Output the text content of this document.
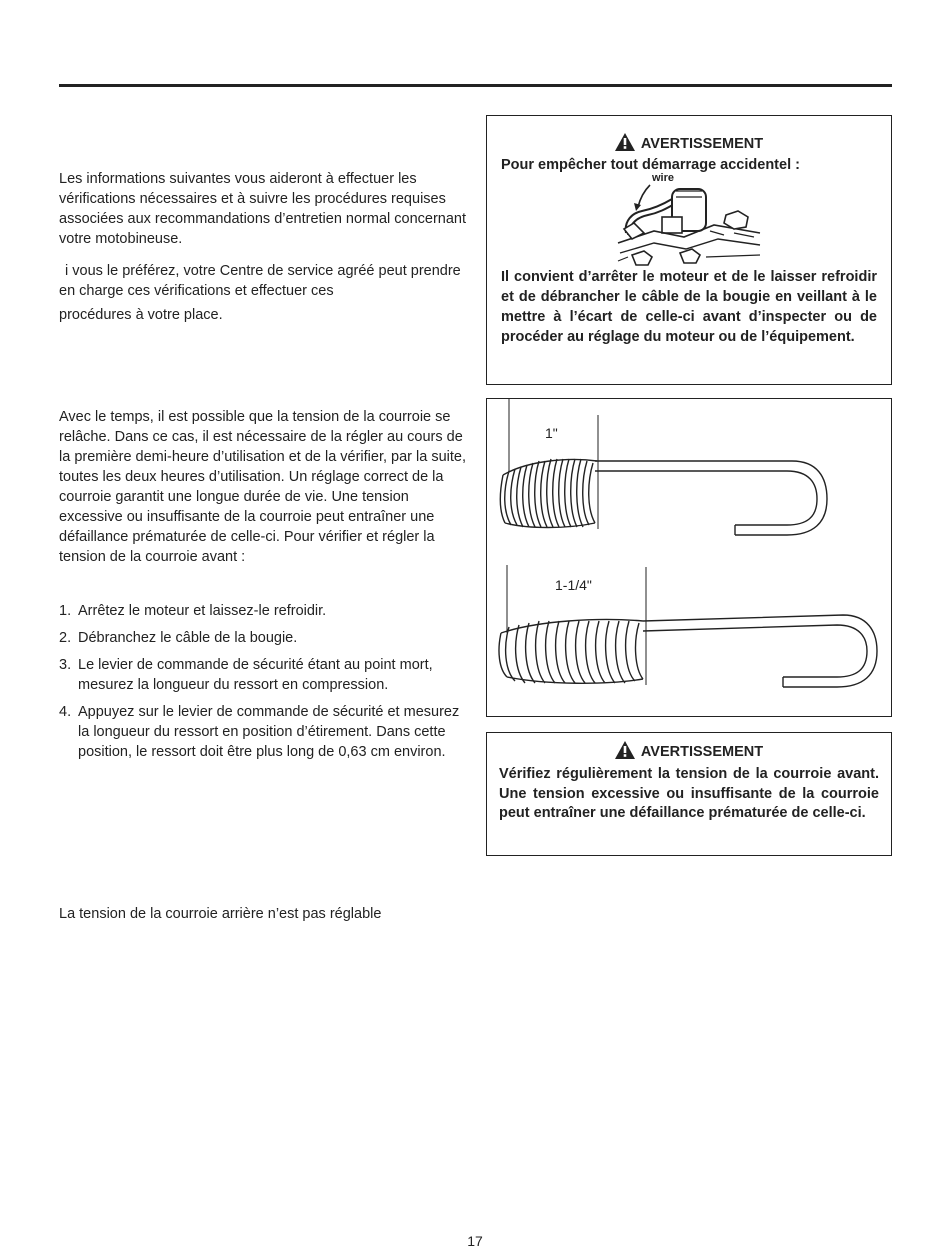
Les informations suivantes vous aideront à effectuer les vérifications nécessaires et à suivre les procédures requises associées aux recommandations d’entretien normal concernant votre motobineuse.

i vous le préférez, votre Centre de service agréé peut prendre en charge ces vérifications et effectuer ces

procédures à votre place.

Avec le temps, il est possible que la tension de la courroie se relâche. Dans ce cas, il est nécessaire de la régler au cours de la première demi-heure d’utilisation et de la vérifier, par la suite, toutes les deux heures d’utilisation. Un réglage correct de la courroie garantit une longue durée de vie. Une tension excessive ou insuffisante de la courroie peut entraîner une défaillance prématurée de celle-ci. Pour vérifier et régler la tension de la courroie avant :

1. Arrêtez le moteur et laissez-le refroidir.
2. Débranchez le câble de la bougie.
3. Le levier de commande de sécurité étant au point mort, mesurez la longueur du ressort en compression.
4. Appuyez sur le levier de commande de sécurité et mesurez la longueur du ressort en position d’étirement. Dans cette position, le ressort doit être plus long de 0,63 cm environ.
La tension de la courroie arrière n’est pas réglable
AVERTISSEMENT
Pour empêcher tout démarrage accidentel :
wire
Il convient d’arrêter le moteur et de le laisser refroidir et de débrancher le câble de la bougie en veillant à le mettre à l’écart de celle-ci avant d’inspecter ou de procéder au réglage du moteur ou de l’équipement.
1"
1-1/4"
AVERTISSEMENT
Vérifiez régulièrement la tension de la courroie avant. Une tension excessive ou insuffisante de la courroie peut entraîner une défaillance prématurée de celle-ci.
17
